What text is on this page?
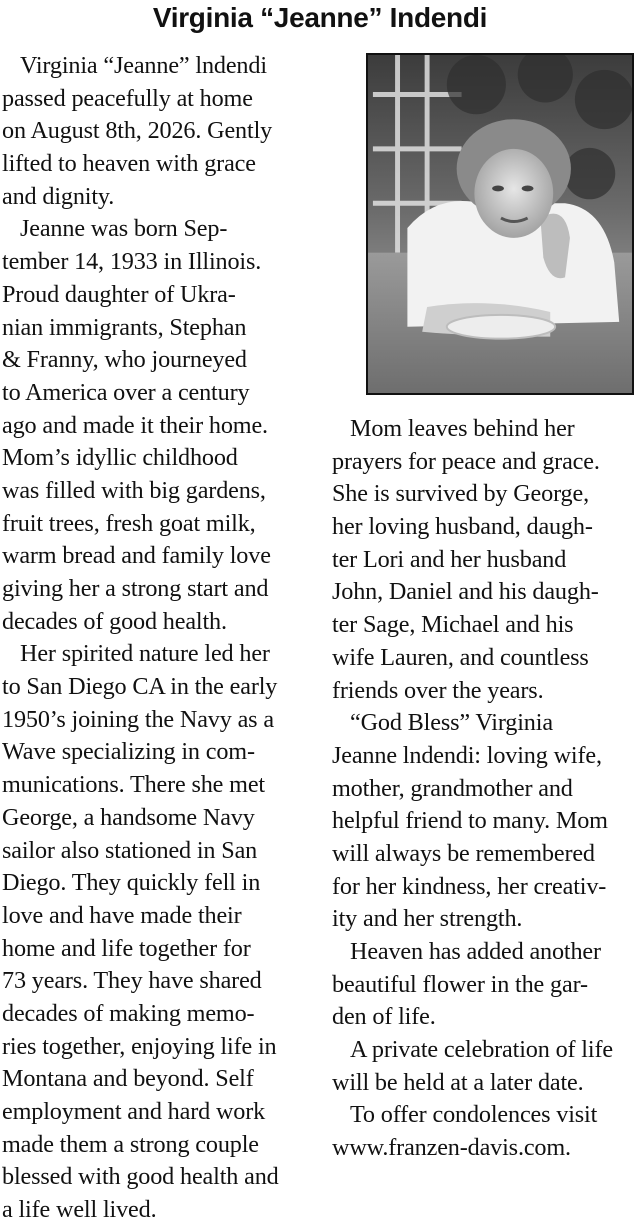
Virginia “Jeanne” Indendi
Virginia “Jeanne” lndendi
passed peacefully at home
on August 8th, 2026. Gently
lifted to heaven with grace
and dignity.
Jeanne was born Sep-
tember 14, 1933 in Illinois.
Proud daughter of Ukra-
nian immigrants, Stephan
& Franny, who journeyed
to America over a century
ago and made it their home.
Mom’s idyllic childhood
was filled with big gardens,
fruit trees, fresh goat milk,
warm bread and family love
giving her a strong start and
decades of good health.
Her spirited nature led her
to San Diego CA in the early
1950’s joining the Navy as a
Wave specializing in com-
munications. There she met
George, a handsome Navy
sailor also stationed in San
Diego. They quickly fell in
love and have made their
home and life together for
73 years. They have shared
decades of making memo-
ries together, enjoying life in
Montana and beyond. Self
employment and hard work
made them a strong couple
blessed with good health and
a life well lived.
Mom leaves behind her
prayers for peace and grace.
She is survived by George,
her loving husband, daugh-
ter Lori and her husband
John, Daniel and his daugh-
ter Sage, Michael and his
wife Lauren, and countless
friends over the years.
“God Bless” Virginia
Jeanne lndendi: loving wife,
mother, grandmother and
helpful friend to many. Mom
will always be remembered
for her kindness, her creativ-
ity and her strength.
Heaven has added another
beautiful flower in the gar-
den of life.
A private celebration of life
will be held at a later date.
To offer condolences visit
www.franzen-davis.com.
